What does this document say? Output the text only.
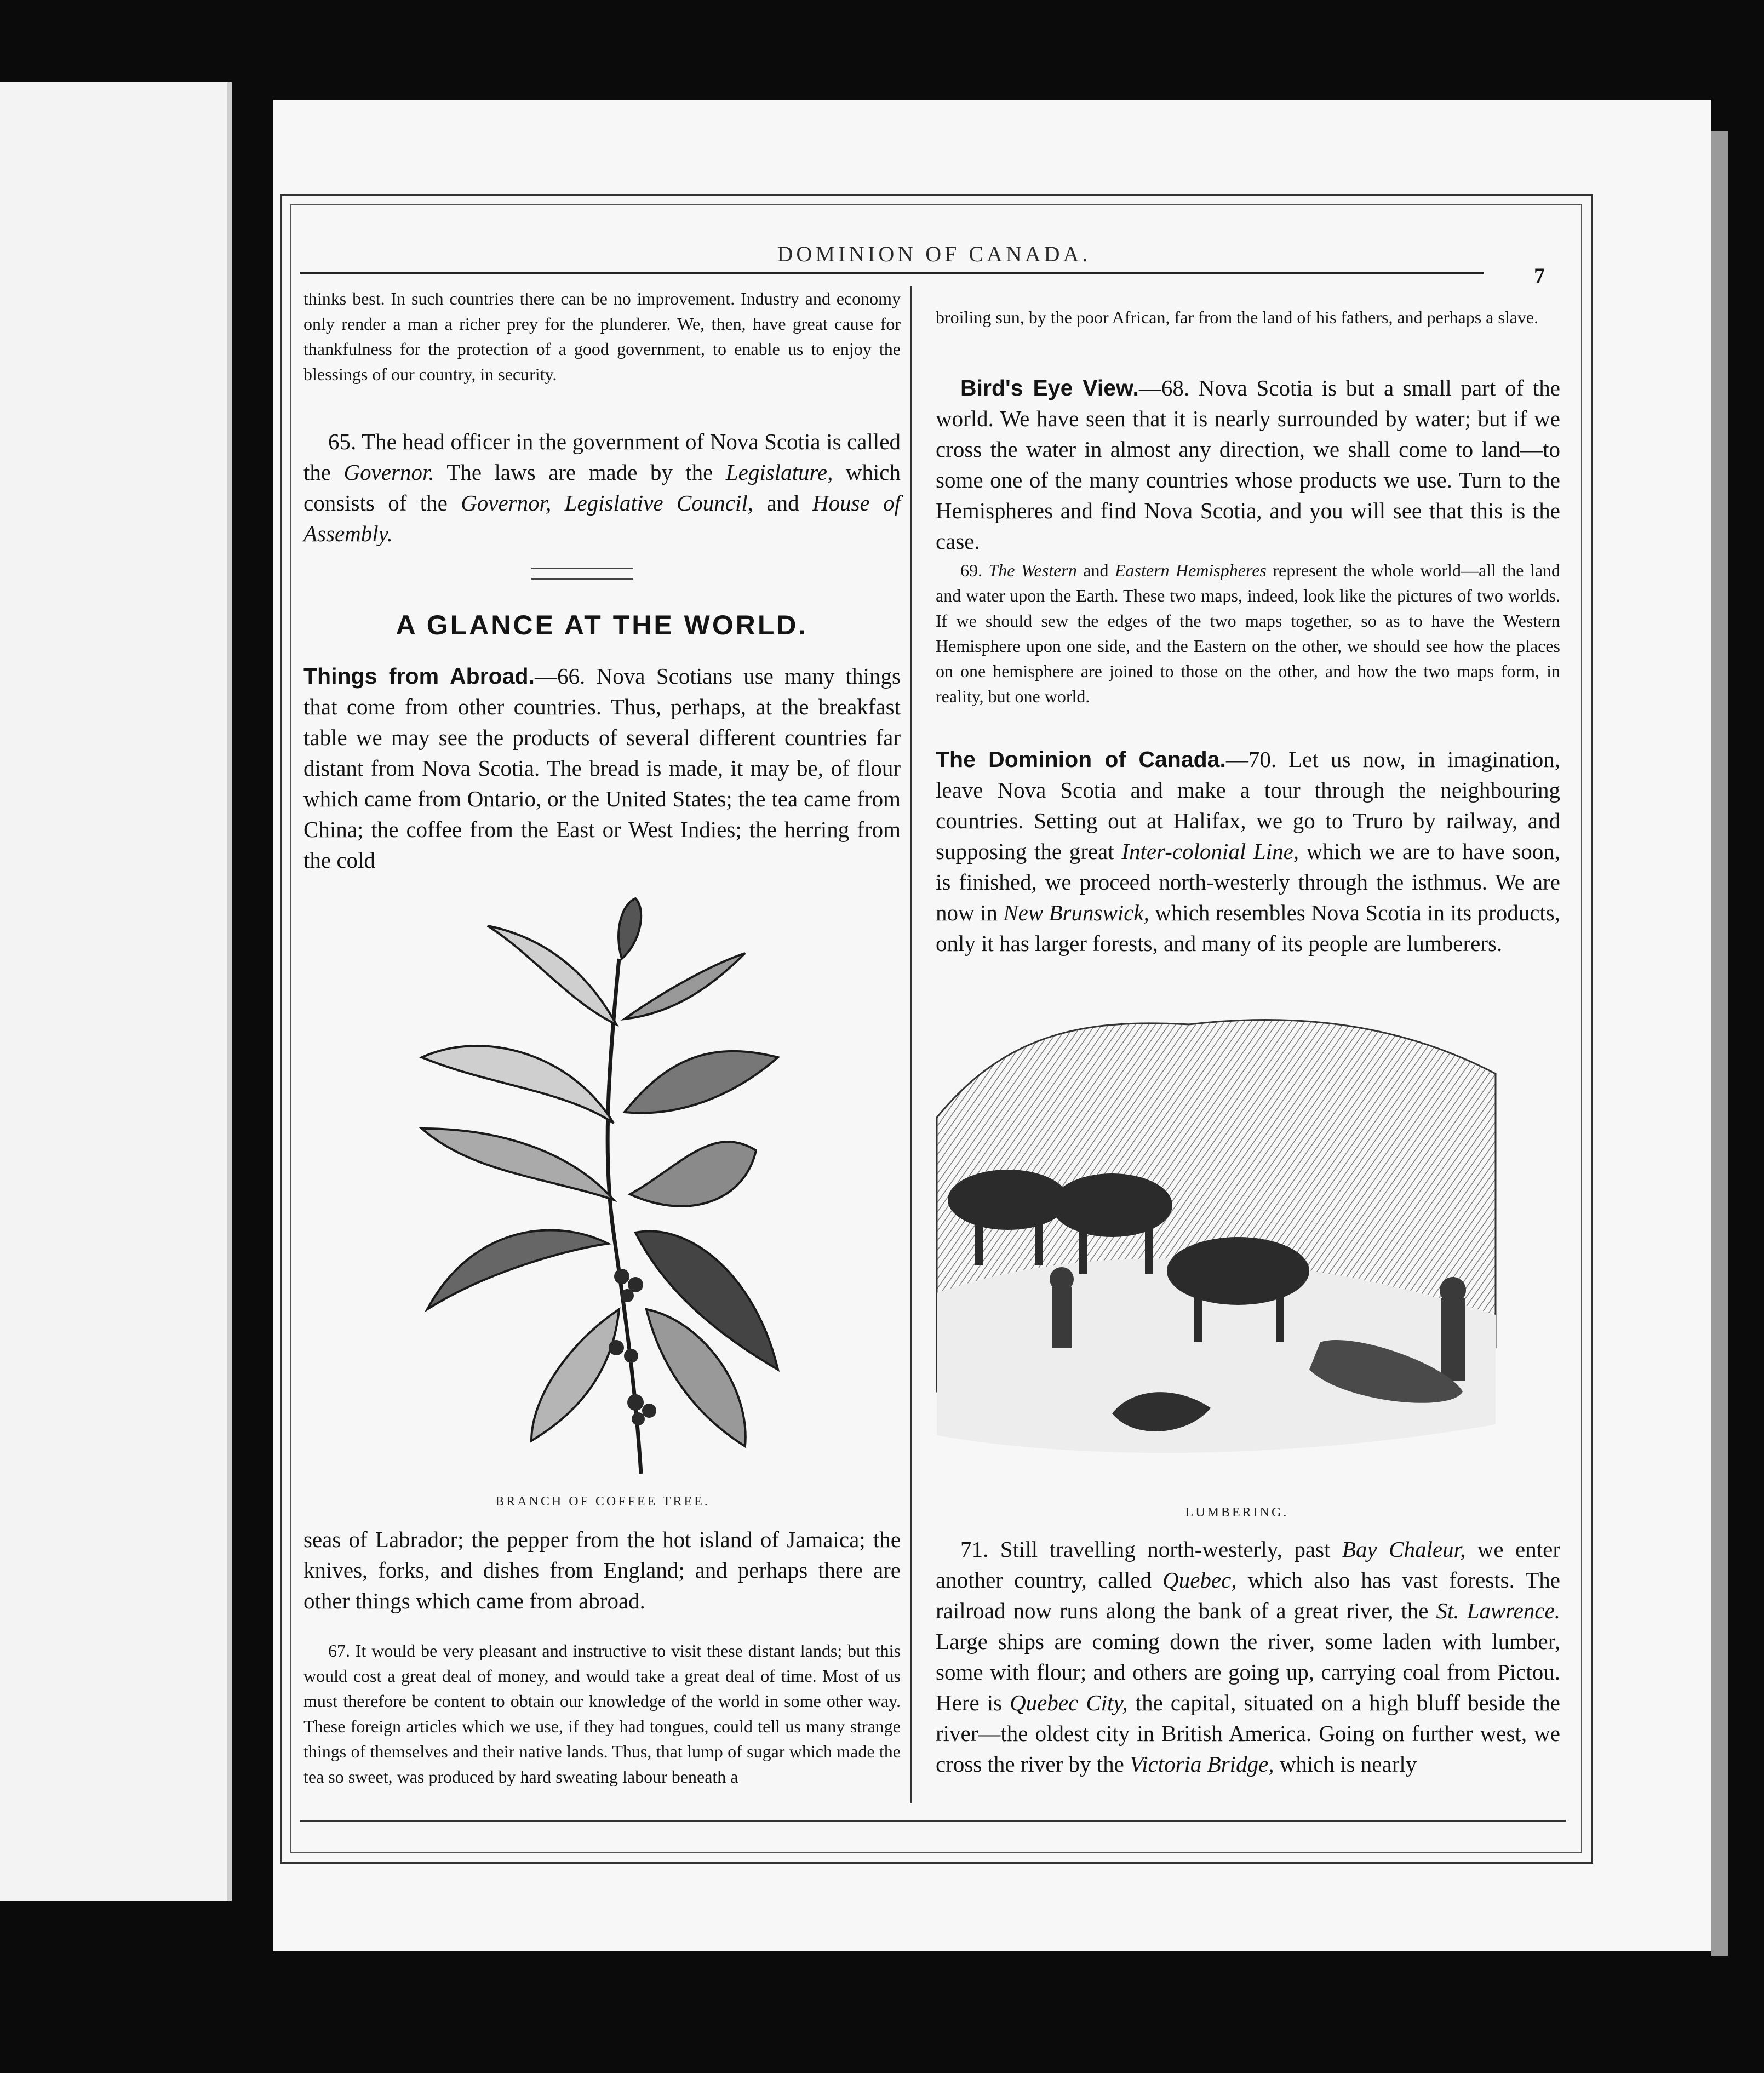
DOMINION OF CANADA.
7

thinks best. In such countries there can be no improvement. Industry and economy only render a man a richer prey for the plunderer. We, then, have great cause for thankfulness for the protection of a good government, to enable us to enjoy the blessings of our country, in security.

65. The head officer in the government of Nova Scotia is called the Governor. The laws are made by the Legislature, which consists of the Governor, Legislative Council, and House of Assembly.

A GLANCE AT THE WORLD.

Things from Abroad.—66. Nova Scotians use many things that come from other countries. Thus, perhaps, at the breakfast table we may see the products of several different countries far distant from Nova Scotia. The bread is made, it may be, of flour which came from Ontario, or the United States; the tea came from China; the coffee from the East or West Indies; the herring from the cold

BRANCH OF COFFEE TREE.

seas of Labrador; the pepper from the hot island of Jamaica; the knives, forks, and dishes from England; and perhaps there are other things which came from abroad.

67. It would be very pleasant and instructive to visit these distant lands; but this would cost a great deal of money, and would take a great deal of time. Most of us must therefore be content to obtain our knowledge of the world in some other way. These foreign articles which we use, if they had tongues, could tell us many strange things of themselves and their native lands. Thus, that lump of sugar which made the tea so sweet, was produced by hard sweating labour beneath a

broiling sun, by the poor African, far from the land of his fathers, and perhaps a slave.

Bird's Eye View.—68. Nova Scotia is but a small part of the world. We have seen that it is nearly surrounded by water; but if we cross the water in almost any direction, we shall come to land—to some one of the many countries whose products we use. Turn to the Hemispheres and find Nova Scotia, and you will see that this is the case.

69. The Western and Eastern Hemispheres represent the whole world—all the land and water upon the Earth. These two maps, indeed, look like the pictures of two worlds. If we should sew the edges of the two maps together, so as to have the Western Hemisphere upon one side, and the Eastern on the other, we should see how the places on one hemisphere are joined to those on the other, and how the two maps form, in reality, but one world.

The Dominion of Canada.—70. Let us now, in imagination, leave Nova Scotia and make a tour through the neighbouring countries. Setting out at Halifax, we go to Truro by railway, and supposing the great Inter-colonial Line, which we are to have soon, is finished, we proceed north-westerly through the isthmus. We are now in New Brunswick, which resembles Nova Scotia in its products, only it has larger forests, and many of its people are lumberers.

LUMBERING.

71. Still travelling north-westerly, past Bay Chaleur, we enter another country, called Quebec, which also has vast forests. The railroad now runs along the bank of a great river, the St. Lawrence. Large ships are coming down the river, some laden with lumber, some with flour; and others are going up, carrying coal from Pictou. Here is Quebec City, the capital, situated on a high bluff beside the river—the oldest city in British America. Going on further west, we cross the river by the Victoria Bridge, which is nearly
